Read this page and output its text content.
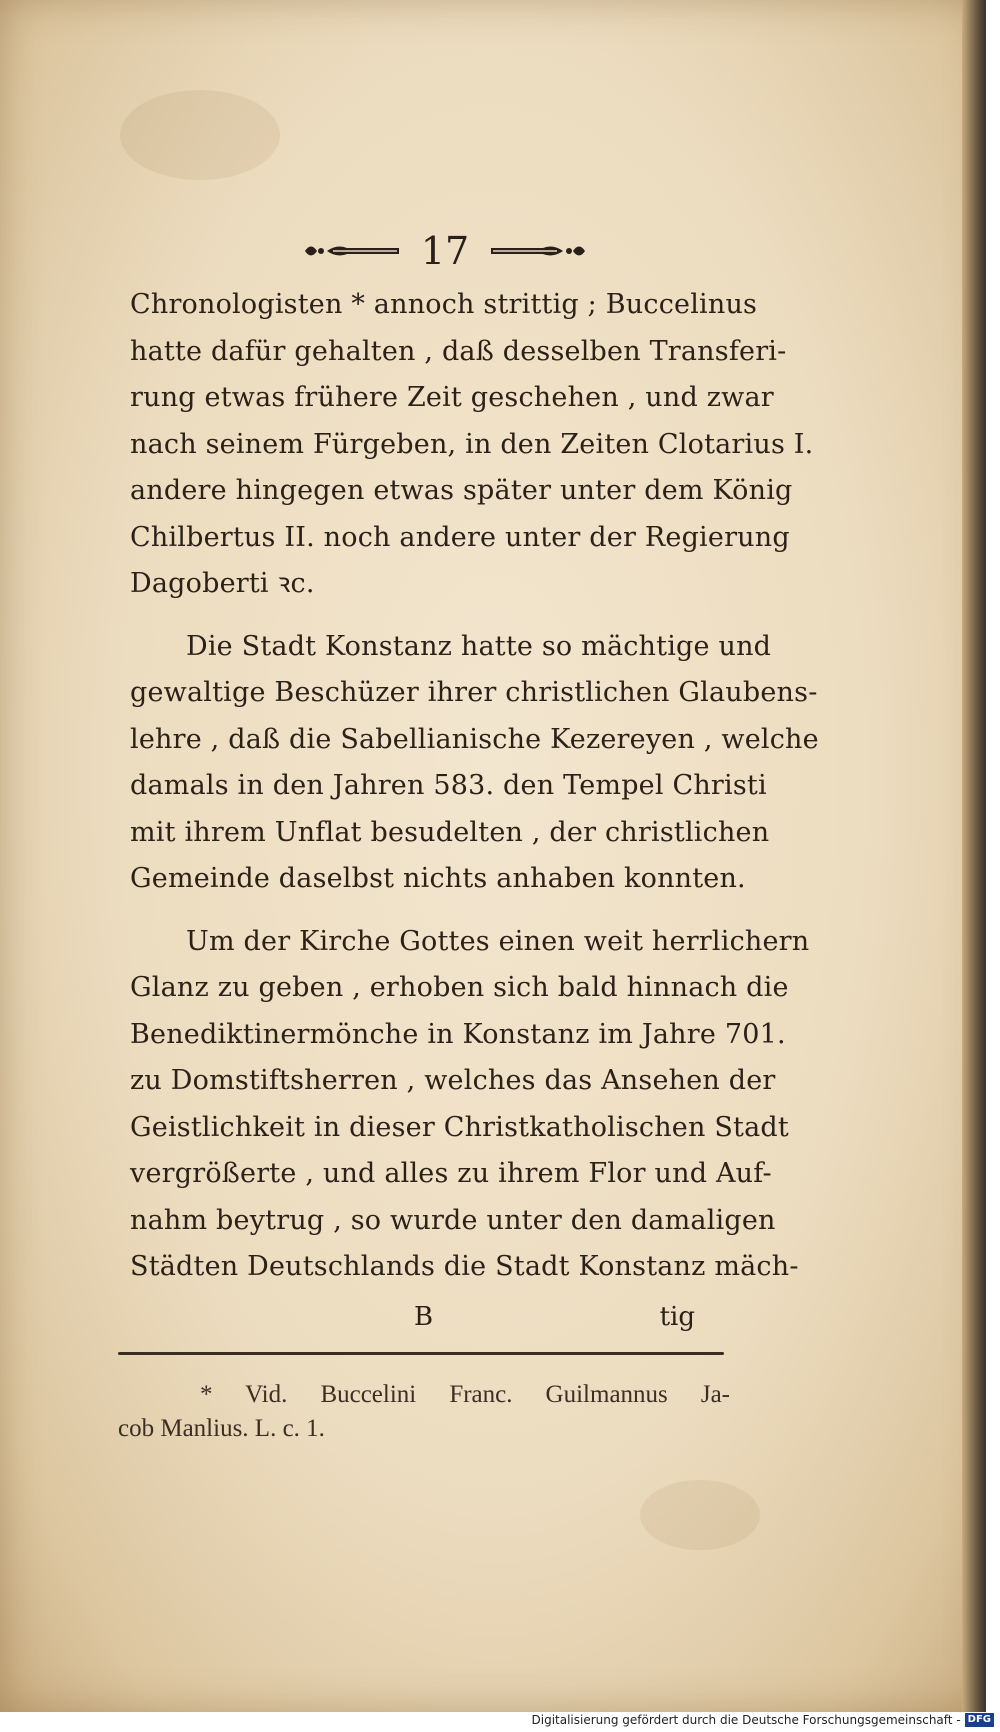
17
Chronologisten * annoch strittig ; Buccelinus
hatte dafür gehalten , daß desselben Transferi-
rung etwas frühere Zeit geschehen , und zwar
nach seinem Fürgeben, in den Zeiten Clotarius I.
andere hingegen etwas später unter dem König
Chilbertus II. noch andere unter der Regierung
Dagoberti ꝛc.
Die Stadt Konstanz hatte so mächtige und
gewaltige Beschüzer ihrer christlichen Glaubens-
lehre , daß die Sabellianische Kezereyen , welche
damals in den Jahren 583. den Tempel Christi
mit ihrem Unflat besudelten , der christlichen
Gemeinde daselbst nichts anhaben konnten.
Um der Kirche Gottes einen weit herrlichern
Glanz zu geben , erhoben sich bald hinnach die
Benediktinermönche in Konstanz im Jahre 701.
zu Domstiftsherren , welches das Ansehen der
Geistlichkeit in dieser Christkatholischen Stadt
vergrößerte , und alles zu ihrem Flor und Auf-
nahm beytrug , so wurde unter den damaligen
Städten Deutschlands die Stadt Konstanz mäch-
B	tig
* Vid. Buccelini Franc. Guilmannus Ja-
cob Manlius. L. c. 1.
Digitalisierung gefördert durch die Deutsche Forschungsgemeinschaft - DFG
